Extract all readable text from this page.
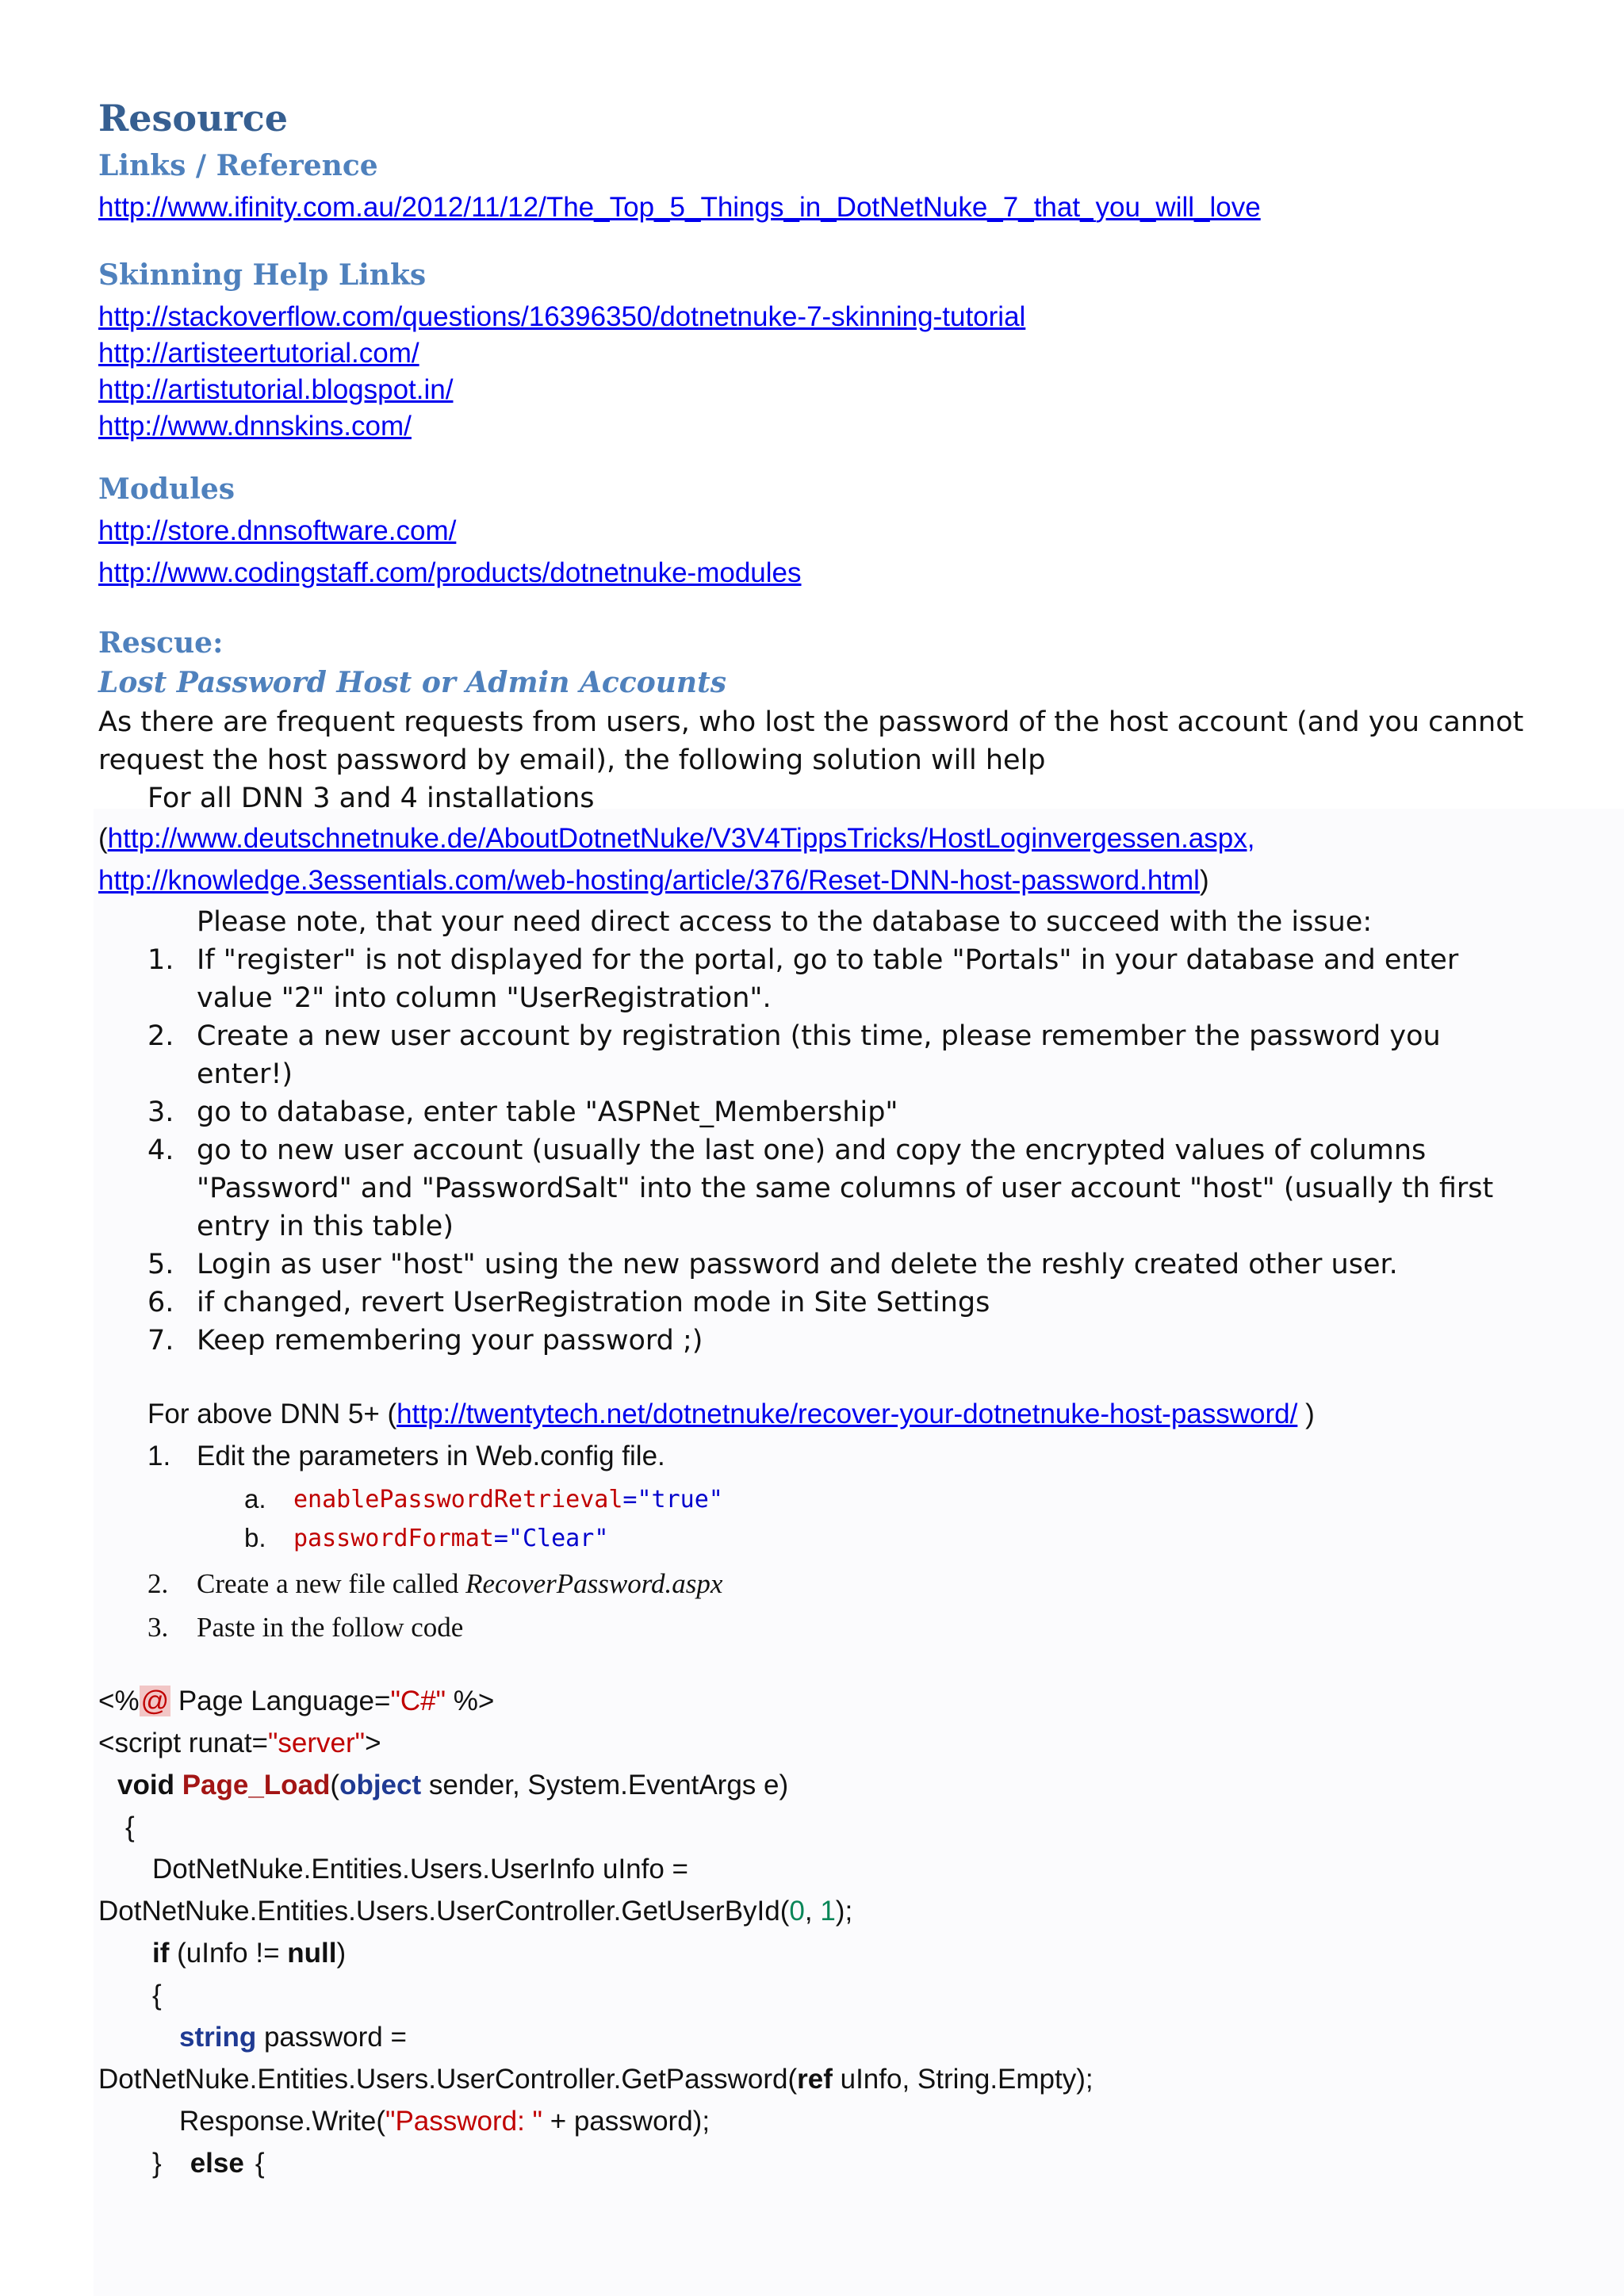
Resource
Links / Reference
http://www.ifinity.com.au/2012/11/12/The_Top_5_Things_in_DotNetNuke_7_that_you_will_love
Skinning Help Links
http://stackoverflow.com/questions/16396350/dotnetnuke-7-skinning-tutorial
http://artisteertutorial.com/
http://artistutorial.blogspot.in/
http://www.dnnskins.com/
Modules
http://store.dnnsoftware.com/
http://www.codingstaff.com/products/dotnetnuke-modules
Rescue:
Lost Password Host or Admin Accounts
As there are frequent requests from users, who lost the password of the host account (and you cannot
request the host password by email), the following solution will help
For all DNN 3 and 4 installations
(http://www.deutschnetnuke.de/AboutDotnetNuke/V3V4TippsTricks/HostLoginvergessen.aspx,
http://knowledge.3essentials.com/web-hosting/article/376/Reset-DNN-host-password.html)
Please note, that your need direct access to the database to succeed with the issue:
1. If "register" is not displayed for the portal, go to table "Portals" in your database and enter
value "2" into column "UserRegistration".
2. Create a new user account by registration (this time, please remember the password you
enter!)
3. go to database, enter table "ASPNet_Membership"
4. go to new user account (usually the last one) and copy the encrypted values of columns
"Password" and "PasswordSalt" into the same columns of user account "host" (usually th first
entry in this table)
5. Login as user "host" using the new password and delete the reshly created other user.
6. if changed, revert UserRegistration mode in Site Settings
7. Keep remembering your password ;)
For above DNN 5+ (http://twentytech.net/dotnetnuke/recover-your-dotnetnuke-host-password/ )
1. Edit the parameters in Web.config file.
a. enablePasswordRetrieval="true"
b. passwordFormat="Clear"
2. Create a new file called RecoverPassword.aspx
3. Paste in the follow code
<%@ Page Language="C#" %>
<script runat="server">
void Page_Load(object sender, System.EventArgs e)
{
DotNetNuke.Entities.Users.UserInfo uInfo =
DotNetNuke.Entities.Users.UserController.GetUserById(0, 1);
if (uInfo != null)
{
string password =
DotNetNuke.Entities.Users.UserController.GetPassword(ref uInfo, String.Empty);
Response.Write("Password: " + password);
} else {
